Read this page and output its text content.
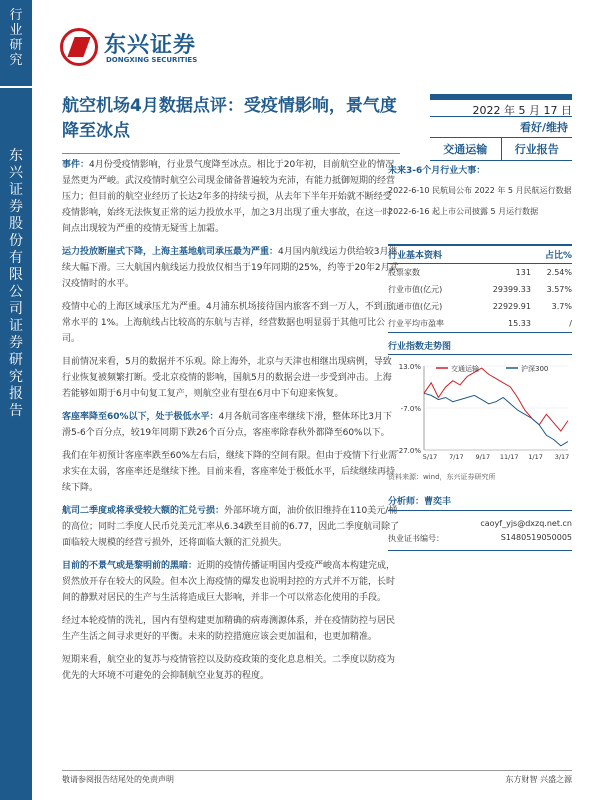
行业研究
东兴证券股份有限公司证券研究报告
东兴证券
DONGXING SECURITIES
航空机场4月数据点评：受疫情影响，景气度降至冰点
2022 年 5 月 17 日
看好/维持
交通运输	行业报告

事件：4月份受疫情影响，行业景气度降至冰点。相比于20年初，目前航空业的情况显然更为严峻。武汉疫情时航空公司现金储备普遍较为充沛，有能力抵御短期的经营压力；但目前的航空业经历了长达2年多的持续亏损，从去年下半年开始就不断经受疫情影响，始终无法恢复正常的运力投放水平，加之3月出现了重大事故，在这一时间点出现较为严重的疫情无疑雪上加霜。

运力投放断崖式下降，上海主基地航司承压最为严重：4月国内航线运力供给较3月继续大幅下滑。三大航国内航线运力投放仅相当于19年同期的25%，约等于20年2月武汉疫情时的水平。

疫情中心的上海区域承压尤为严重。4月浦东机场接待国内旅客不到一万人，不到正常水平的 1%。上海航线占比较高的东航与吉祥，经营数据也明显弱于其他可比公司。

目前情况来看，5月的数据并不乐观。除上海外，北京与天津也相继出现病例，导致行业恢复被频繁打断。受北京疫情的影响，国航5月的数据会进一步受到冲击。上海若能够如期于6月中旬复工复产，则航空业有望在6月中下旬迎来恢复。

客座率降至60%以下，处于极低水平：4月各航司客座率继续下滑，整体环比3月下滑5-6个百分点，较19年同期下跌26个百分点，客座率除春秋外都降至60%以下。

我们在年初预计客座率跌至60%左右后，继续下降的空间有限。但由于疫情下行业需求实在太弱，客座率还是继续下挫。目前来看，客座率处于极低水平，后续继续再持续下降。

航司二季度或将承受较大额的汇兑亏损：外部环境方面，油价依旧维持在110美元/桶的高位；同时二季度人民币兑美元汇率从6.34跌至目前的6.77，因此二季度航司除了面临较大规模的经营亏损外，还将面临大额的汇兑损失。

目前的不景气或是黎明前的黑暗：近期的疫情传播证明国内受疫严峻高本构建完成，贸然放开存在较大的风险。但本次上海疫情的爆发也说明封控的方式并不万能，长时间的静默对居民的生产与生活将造成巨大影响，并非一个可以常态化使用的手段。

经过本轮疫情的洗礼，国内有望构建更加精确的病毒测源体系，并在疫情防控与居民生产生活之间寻求更好的平衡。未来的防控措施应该会更加温和，也更加精准。

短期来看，航空业的复苏与疫情管控以及防疫政策的变化息息相关。二季度以防疫为优先的大环境不可避免的会抑制航空业复苏的程度。

未来3-6个月行业大事：
2022-6-10 民航局公布 2022 年 5 月民航运行数据
2022-6-16 起上市公司披露 5 月运行数据
行业基本资料		占比%
股票家数	131	2.54%
行业市值(亿元)	29399.33	3.57%
流通市值(亿元)	22929.91	3.7%
行业平均市盈率	15.33	/
行业指数走势图
13.0%
-7.0%
-27.0%
5/17 7/17 9/17 11/17 1/17 3/17
交通运输	沪深300
资料来源：wind，东兴证券研究所
分析师：曹奕丰
caoyf_yjs@dxzq.net.cn
执业证书编号：	S1480519050005
敬请参阅报告结尾处的免责声明	东方财智 兴盛之源
